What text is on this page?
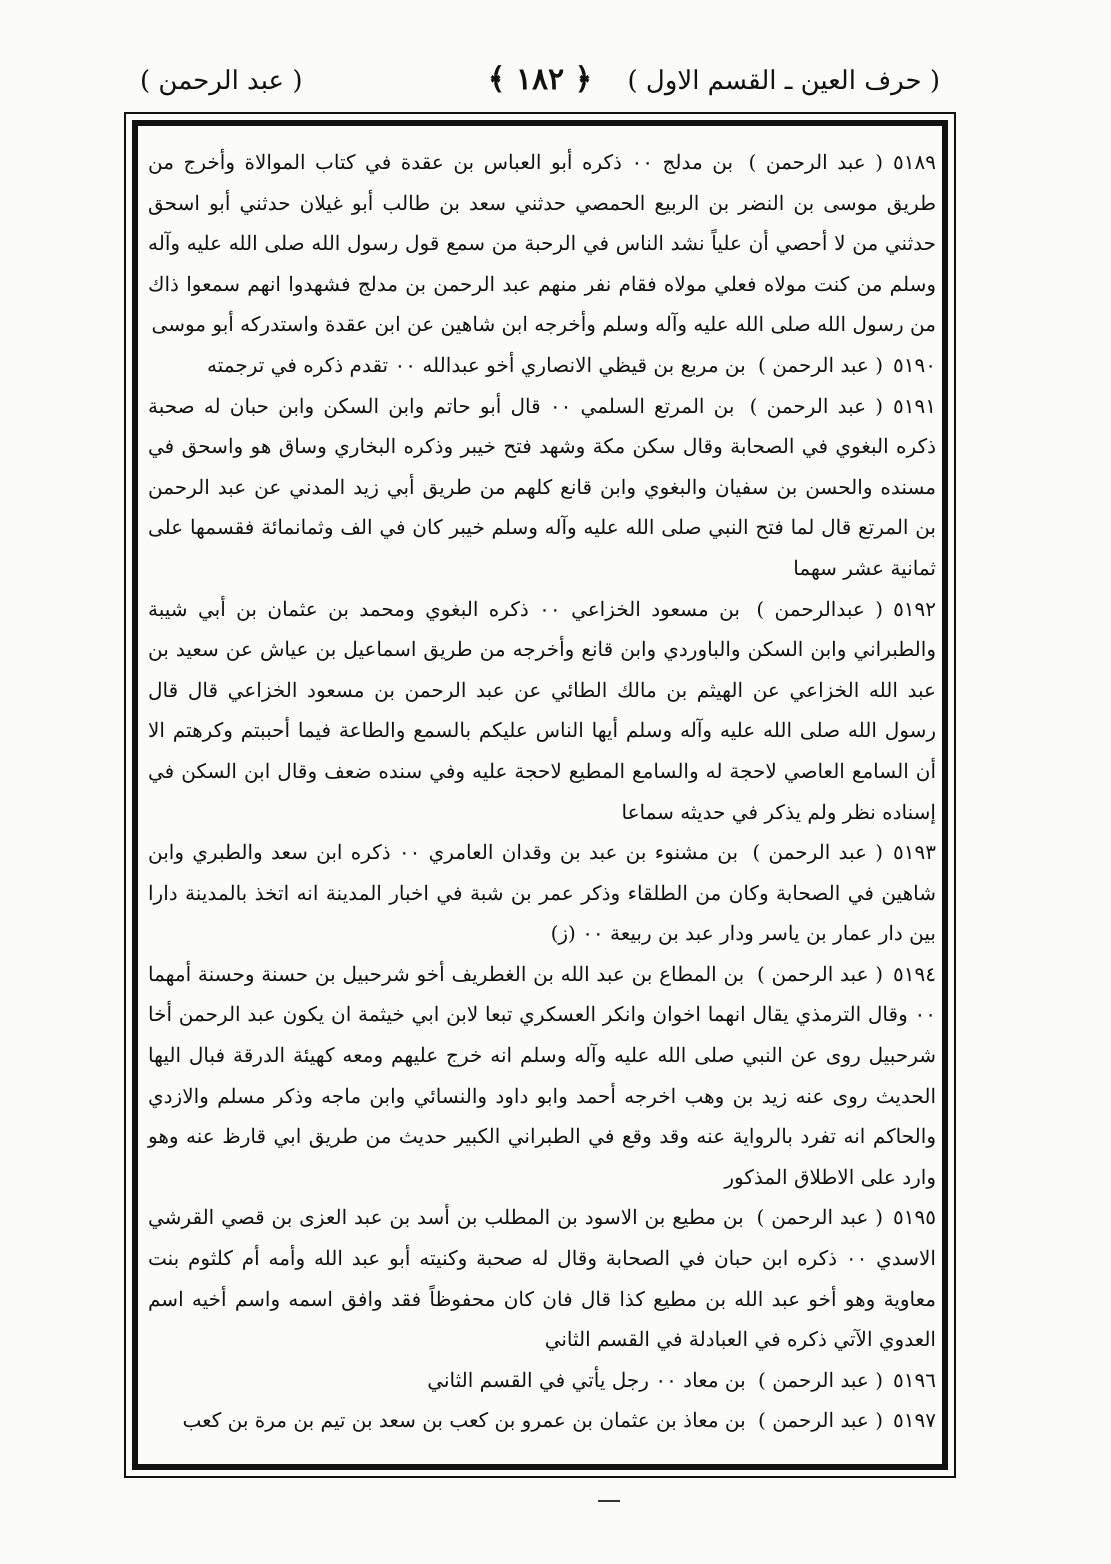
( حرف العين ـ القسم الاول )
﴿ ١٨٢ ﴾
( عبد الرحمن )

٥١٨٩( عبد الرحمن ) بن مدلج ٠٠ ذكره أبو العباس بن عقدة في كتاب الموالاة وأخرج من طريق موسى بن النضر بن الربيع الحمصي حدثني سعد بن طالب أبو غيلان حدثني أبو اسحق حدثني من لا أحصي أن علياً نشد الناس في الرحبة من سمع قول رسول الله صلى الله عليه وآله وسلم من كنت مولاه فعلي مولاه فقام نفر منهم عبد الرحمن بن مدلج فشهدوا انهم سمعوا ذاك من رسول الله صلى الله عليه وآله وسلم وأخرجه ابن شاهين عن ابن عقدة واستدركه أبو موسى

٥١٩٠( عبد الرحمن ) بن مربع بن قيظي الانصاري أخو عبدالله ٠٠ تقدم ذكره في ترجمته

٥١٩١( عبد الرحمن ) بن المرتع السلمي ٠٠ قال أبو حاتم وابن السكن وابن حبان له صحبة ذكره البغوي في الصحابة وقال سكن مكة وشهد فتح خيبر وذكره البخاري وساق هو واسحق في مسنده والحسن بن سفيان والبغوي وابن قانع كلهم من طريق أبي زيد المدني عن عبد الرحمن بن المرتع قال لما فتح النبي صلى الله عليه وآله وسلم خيبر كان في الف وثمانمائة فقسمها على ثمانية عشر سهما

٥١٩٢( عبدالرحمن ) بن مسعود الخزاعي ٠٠ ذكره البغوي ومحمد بن عثمان بن أبي شيبة والطبراني وابن السكن والباوردي وابن قانع وأخرجه من طريق اسماعيل بن عياش عن سعيد بن عبد الله الخزاعي عن الهيثم بن مالك الطائي عن عبد الرحمن بن مسعود الخزاعي قال قال رسول الله صلى الله عليه وآله وسلم أيها الناس عليكم بالسمع والطاعة فيما أحببتم وكرهتم الا أن السامع العاصي لاحجة له والسامع المطيع لاحجة عليه وفي سنده ضعف وقال ابن السكن في إسناده نظر ولم يذكر في حديثه سماعا

٥١٩٣( عبد الرحمن ) بن مشنوء بن عبد بن وقدان العامري ٠٠ ذكره ابن سعد والطبري وابن شاهين في الصحابة وكان من الطلقاء وذكر عمر بن شبة في اخبار المدينة انه اتخذ بالمدينة دارا بين دار عمار بن ياسر ودار عبد بن ربيعة ٠٠ (ز)

٥١٩٤( عبد الرحمن ) بن المطاع بن عبد الله بن الغطريف أخو شرحبيل بن حسنة وحسنة أمهما ٠٠ وقال الترمذي يقال انهما اخوان وانكر العسكري تبعا لابن ابي خيثمة ان يكون عبد الرحمن أخا شرحبيل روى عن النبي صلى الله عليه وآله وسلم انه خرج عليهم ومعه كهيئة الدرقة فبال اليها الحديث روى عنه زيد بن وهب اخرجه أحمد وابو داود والنسائي وابن ماجه وذكر مسلم والازدي والحاكم انه تفرد بالرواية عنه وقد وقع في الطبراني الكبير حديث من طريق ابي قارظ عنه وهو وارد على الاطلاق المذكور

٥١٩٥( عبد الرحمن ) بن مطيع بن الاسود بن المطلب بن أسد بن عبد العزى بن قصي القرشي الاسدي ٠٠ ذكره ابن حبان في الصحابة وقال له صحبة وكنيته أبو عبد الله وأمه أم كلثوم بنت معاوية وهو أخو عبد الله بن مطيع كذا قال فان كان محفوظاً فقد وافق اسمه واسم أخيه اسم العدوي الآتي ذكره في العبادلة في القسم الثاني

٥١٩٦( عبد الرحمن ) بن معاد ٠٠ رجل يأتي في القسم الثاني

٥١٩٧( عبد الرحمن ) بن معاذ بن عثمان بن عمرو بن كعب بن سعد بن تيم بن مرة بن كعب
